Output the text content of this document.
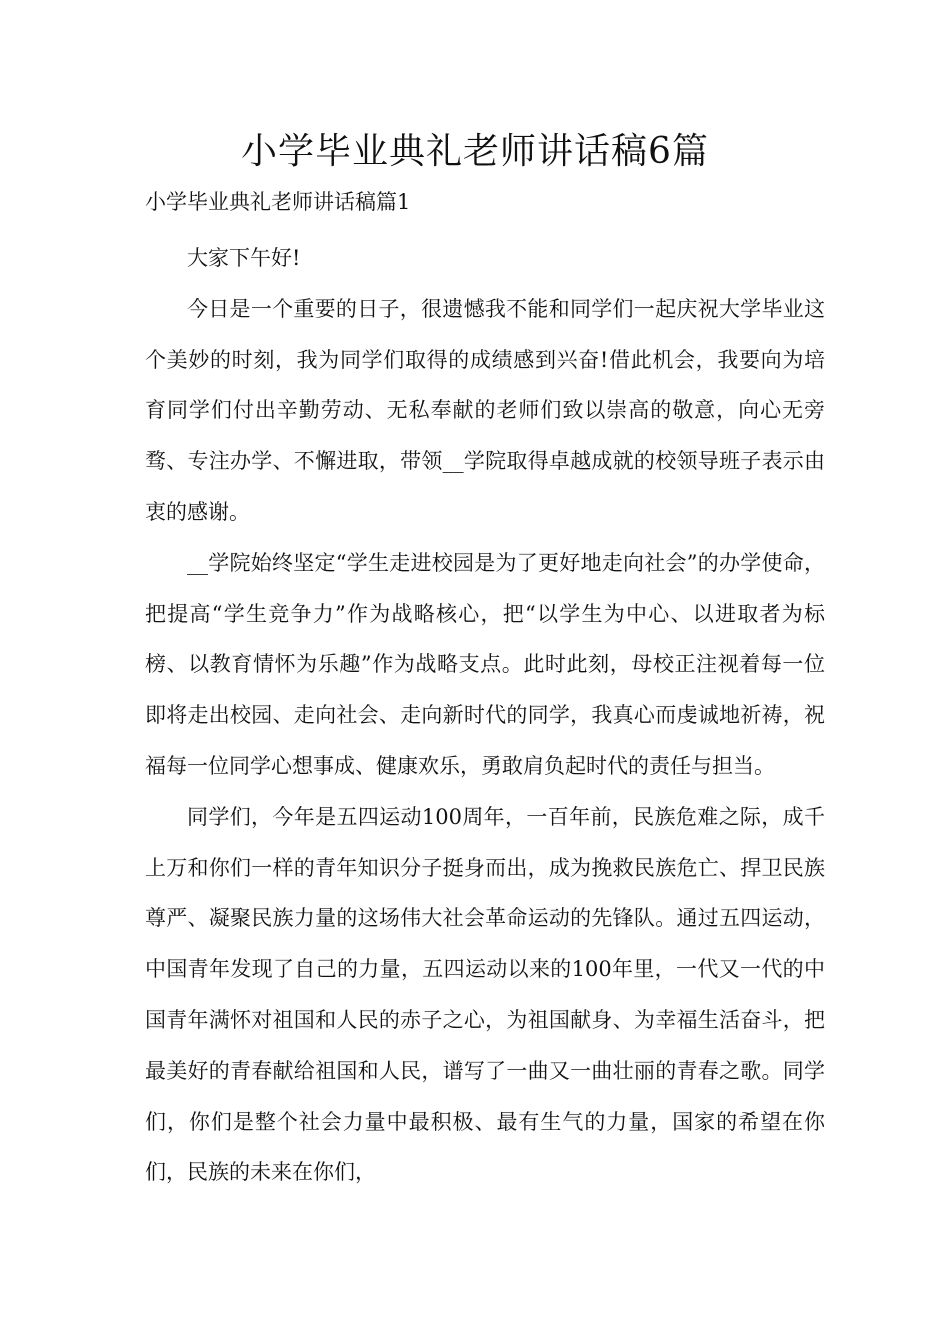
小学毕业典礼老师讲话稿6篇
小学毕业典礼老师讲话稿篇1

大家下午好!

今日是一个重要的日子，很遗憾我不能和同学们一起庆祝大学毕业这个美妙的时刻，我为同学们取得的成绩感到兴奋!借此机会，我要向为培育同学们付出辛勤劳动、无私奉献的老师们致以崇高的敬意，向心无旁骛、专注办学、不懈进取，带领__学院取得卓越成就的校领导班子表示由衷的感谢。

__学院始终坚定“学生走进校园是为了更好地走向社会”的办学使命，把提高“学生竞争力”作为战略核心，把“以学生为中心、以进取者为标榜、以教育情怀为乐趣”作为战略支点。此时此刻，母校正注视着每一位即将走出校园、走向社会、走向新时代的同学，我真心而虔诚地祈祷，祝福每一位同学心想事成、健康欢乐，勇敢肩负起时代的责任与担当。

同学们，今年是五四运动100周年，一百年前，民族危难之际，成千上万和你们一样的青年知识分子挺身而出，成为挽救民族危亡、捍卫民族尊严、凝聚民族力量的这场伟大社会革命运动的先锋队。通过五四运动，中国青年发现了自己的力量，五四运动以来的100年里，一代又一代的中国青年满怀对祖国和人民的赤子之心，为祖国献身、为幸福生活奋斗，把最美好的青春献给祖国和人民，谱写了一曲又一曲壮丽的青春之歌。同学们，你们是整个社会力量中最积极、最有生气的力量，国家的希望在你们，民族的未来在你们，
